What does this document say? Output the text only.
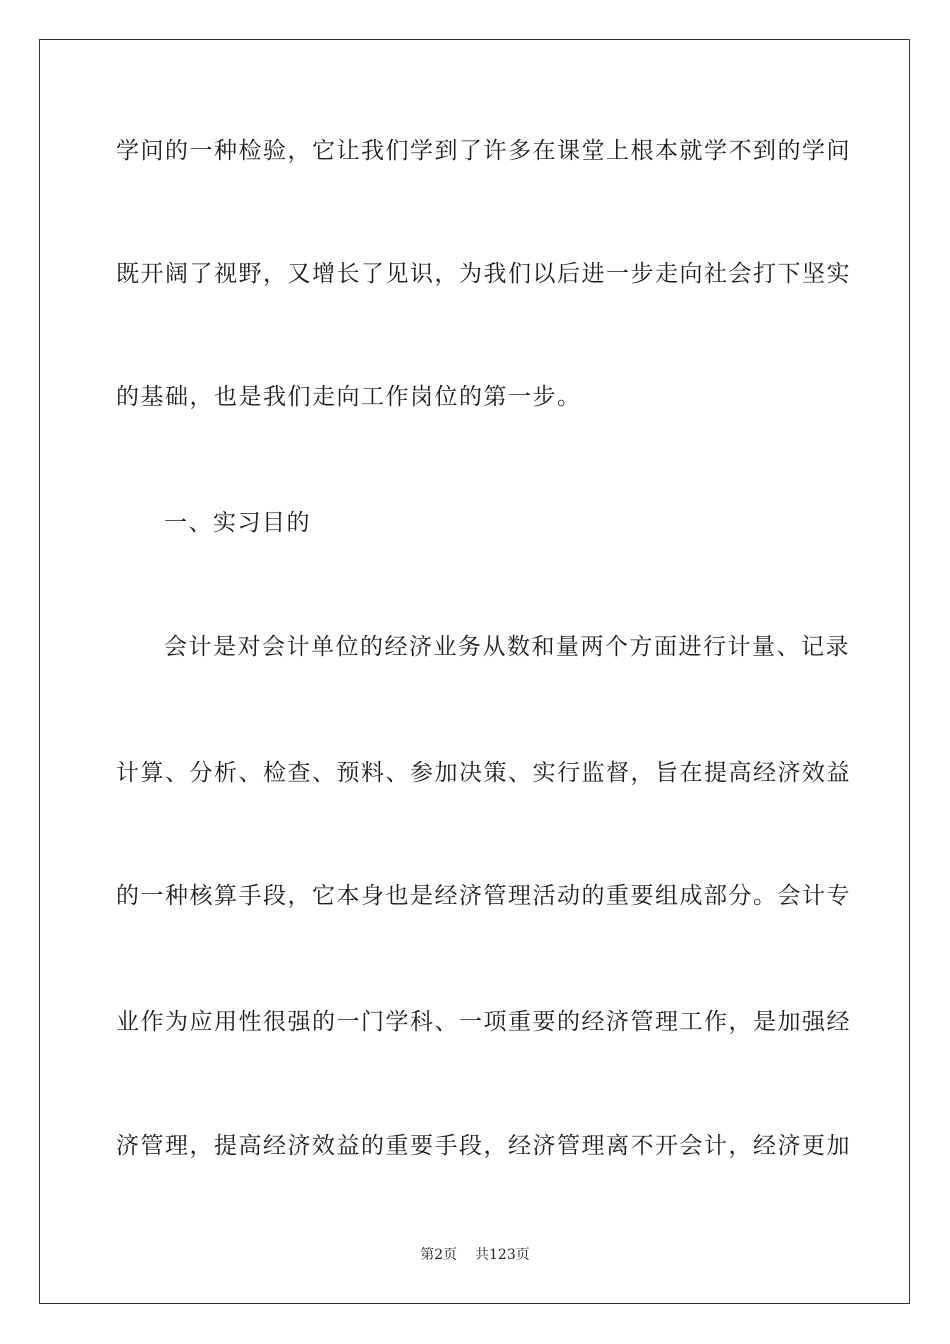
学问的一种检验，它让我们学到了许多在课堂上根本就学不到的学问
既开阔了视野，又增长了见识，为我们以后进一步走向社会打下坚实
的基础，也是我们走向工作岗位的第一步。
一、实习目的
会计是对会计单位的经济业务从数和量两个方面进行计量、记录
计算、分析、检查、预料、参加决策、实行监督，旨在提高经济效益
的一种核算手段，它本身也是经济管理活动的重要组成部分。会计专
业作为应用性很强的一门学科、一项重要的经济管理工作，是加强经
济管理，提高经济效益的重要手段，经济管理离不开会计，经济更加
第2页 共123页
